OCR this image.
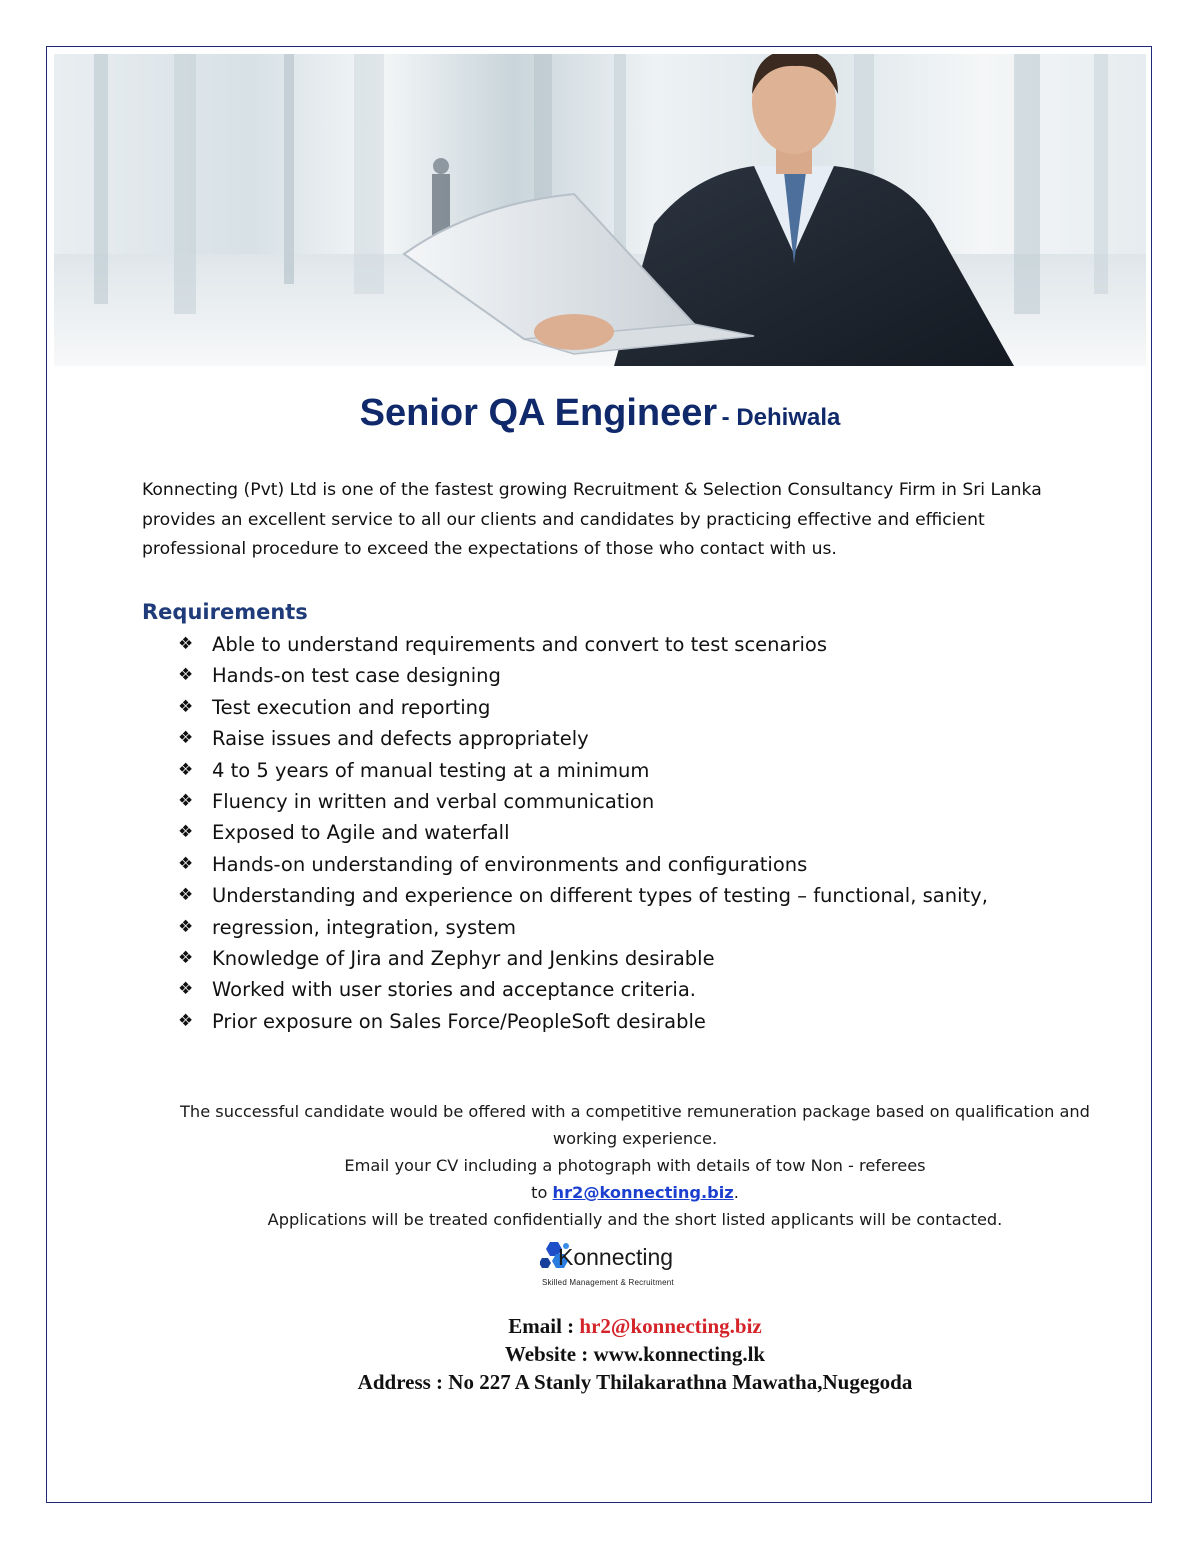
Senior QA Engineer - Dehiwala
Konnecting (Pvt) Ltd is one of the fastest growing Recruitment & Selection Consultancy Firm in Sri Lanka provides an excellent service to all our clients and candidates by practicing effective and efficient professional procedure to exceed the expectations of those who contact with us.
Requirements
❖ Able to understand requirements and convert to test scenarios
❖ Hands-on test case designing
❖ Test execution and reporting
❖ Raise issues and defects appropriately
❖ 4 to 5 years of manual testing at a minimum
❖ Fluency in written and verbal communication
❖ Exposed to Agile and waterfall
❖ Hands-on understanding of environments and configurations
❖ Understanding and experience on different types of testing – functional, sanity,
❖ regression, integration, system
❖ Knowledge of Jira and Zephyr and Jenkins desirable
❖ Worked with user stories and acceptance criteria.
❖ Prior exposure on Sales Force/PeopleSoft desirable
The successful candidate would be offered with a competitive remuneration package based on qualification and working experience.
Email your CV including a photograph with details of tow Non - referees
to hr2@konnecting.biz.
Applications will be treated confidentially and the short listed applicants will be contacted.
Konnecting
Skilled Management & Recruitment
Email : hr2@konnecting.biz
Website : www.konnecting.lk
Address : No 227 A Stanly Thilakarathna Mawatha,Nugegoda
